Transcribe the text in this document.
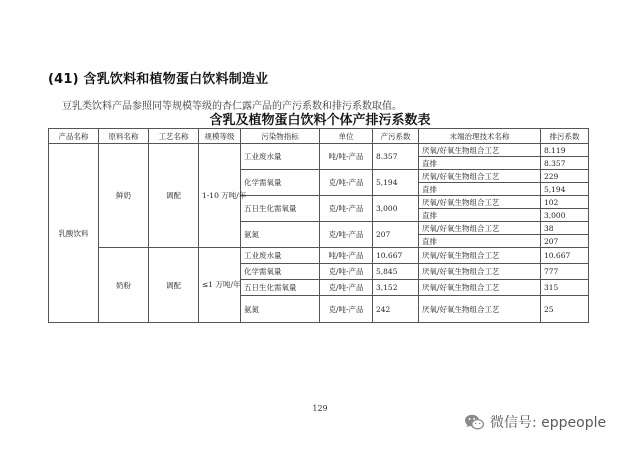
(41) 含乳饮料和植物蛋白饮料制造业
豆乳类饮料产品参照同等规模等级的杏仁露产品的产污系数和排污系数取值。
含乳及植物蛋白饮料个体产排污系数表
产品名称	原料名称	工艺名称	规模等级	污染物指标	单位	产污系数	末端治理技术名称	排污系数
乳酸饮料	鲜奶	调配	1-10 万吨/年	工业废水量	吨/吨-产品	8.357	厌氧/好氧生物组合工艺	8.119
							直排	8.357
				化学需氧量	克/吨-产品	5,194	厌氧/好氧生物组合工艺	229
							直排	5,194
				五日生化需氧量	克/吨-产品	3,000	厌氧/好氧生物组合工艺	102
							直排	3,000
				氨氮	克/吨-产品	207	厌氧/好氧生物组合工艺	38
							直排	207
	奶粉	调配	≤1 万吨/年	工业废水量	吨/吨-产品	10.667	厌氧/好氧生物组合工艺	10.667
				化学需氧量	克/吨-产品	5,845	厌氧/好氧生物组合工艺	777
				五日生化需氧量	克/吨-产品	3,152	厌氧/好氧生物组合工艺	315
				氨氮	克/吨-产品	242	厌氧/好氧生物组合工艺	25
129
微信号: eppeople
